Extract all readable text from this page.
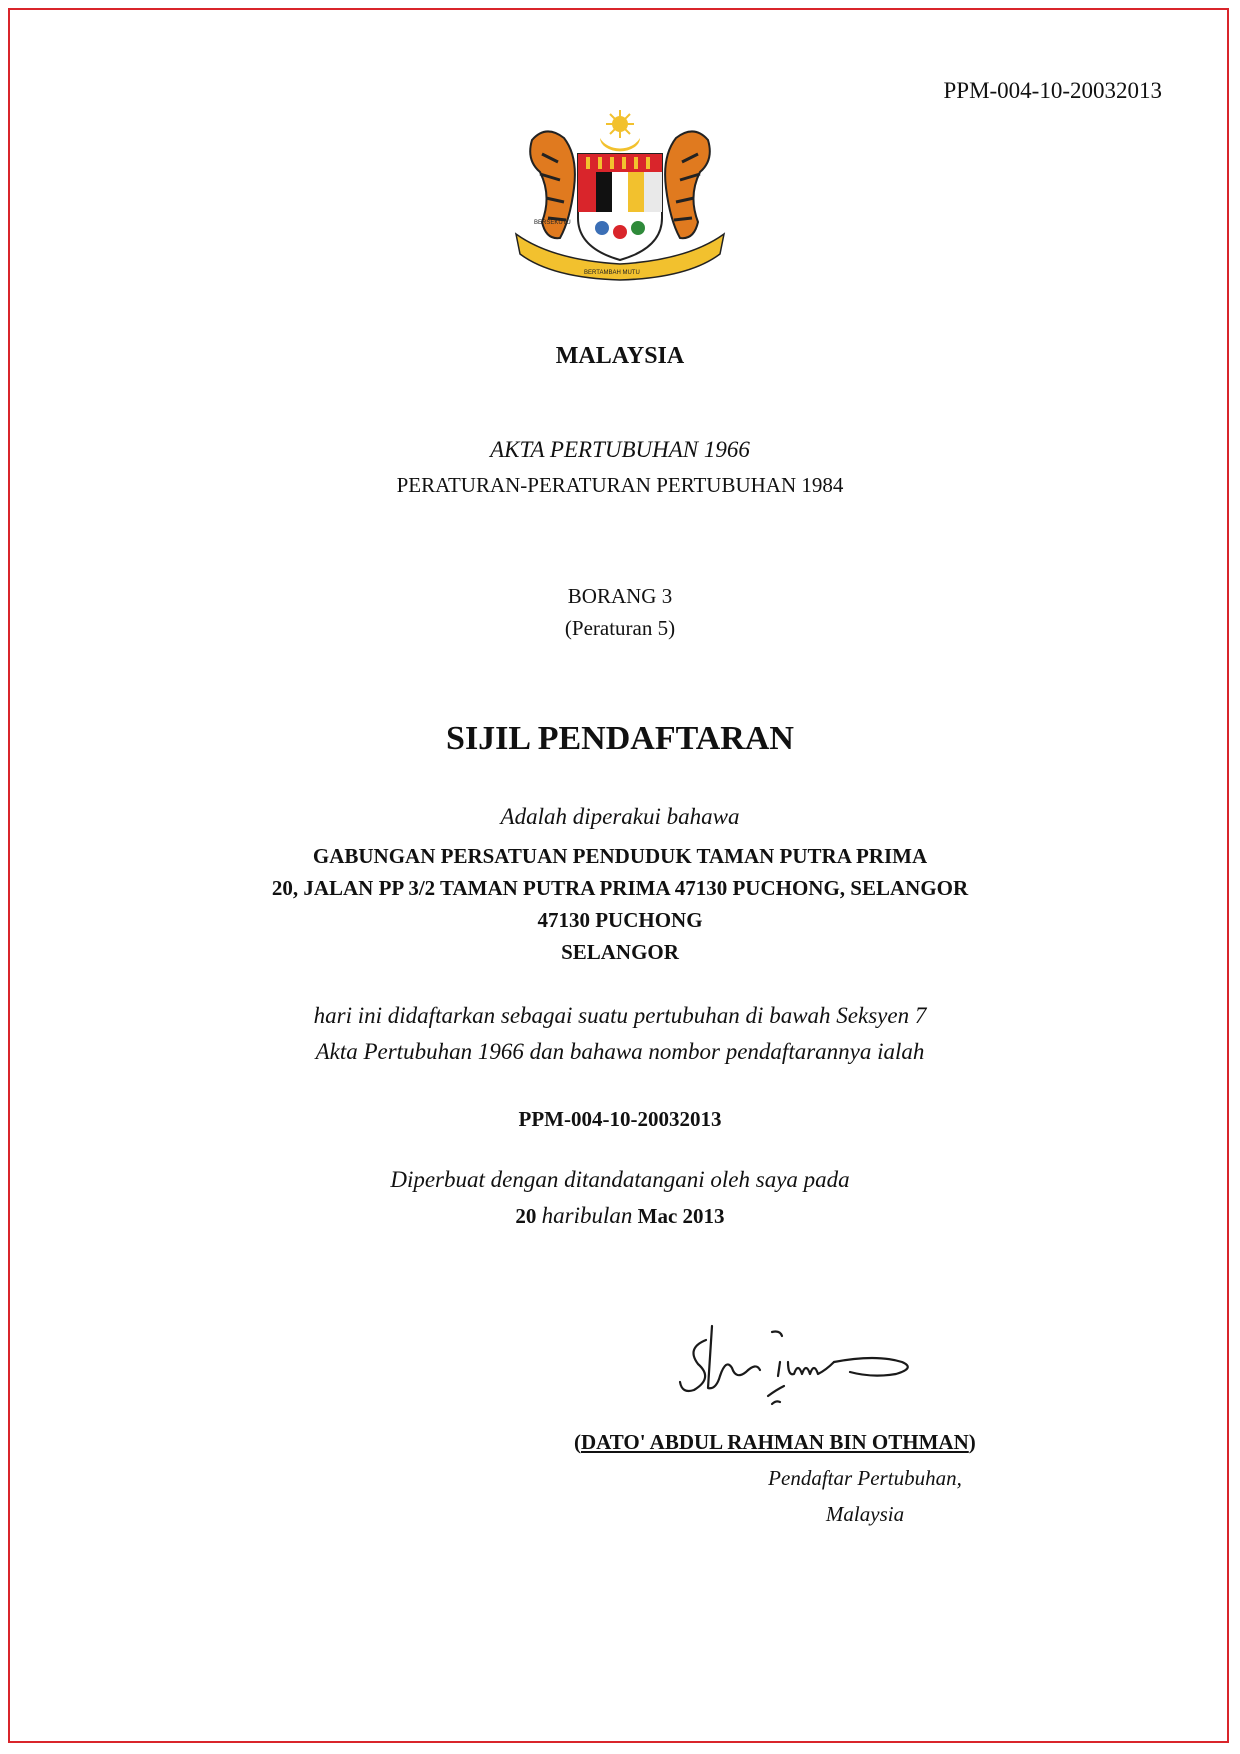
PPM-004-10-20032013
BERSEKUTU
BERTAMBAH MUTU
MALAYSIA
AKTA PERTUBUHAN 1966
PERATURAN-PERATURAN PERTUBUHAN 1984
BORANG 3
(Peraturan 5)
SIJIL PENDAFTARAN
Adalah diperakui bahawa
GABUNGAN PERSATUAN PENDUDUK TAMAN PUTRA PRIMA
20, JALAN PP 3/2 TAMAN PUTRA PRIMA 47130 PUCHONG, SELANGOR
47130 PUCHONG
SELANGOR
hari ini didaftarkan sebagai suatu pertubuhan di bawah Seksyen 7
Akta Pertubuhan 1966 dan bahawa nombor pendaftarannya ialah
PPM-004-10-20032013
Diperbuat dengan ditandatangani oleh saya pada
20 haribulan Mac 2013
(DATO' ABDUL RAHMAN BIN OTHMAN)
Pendaftar Pertubuhan,
Malaysia
